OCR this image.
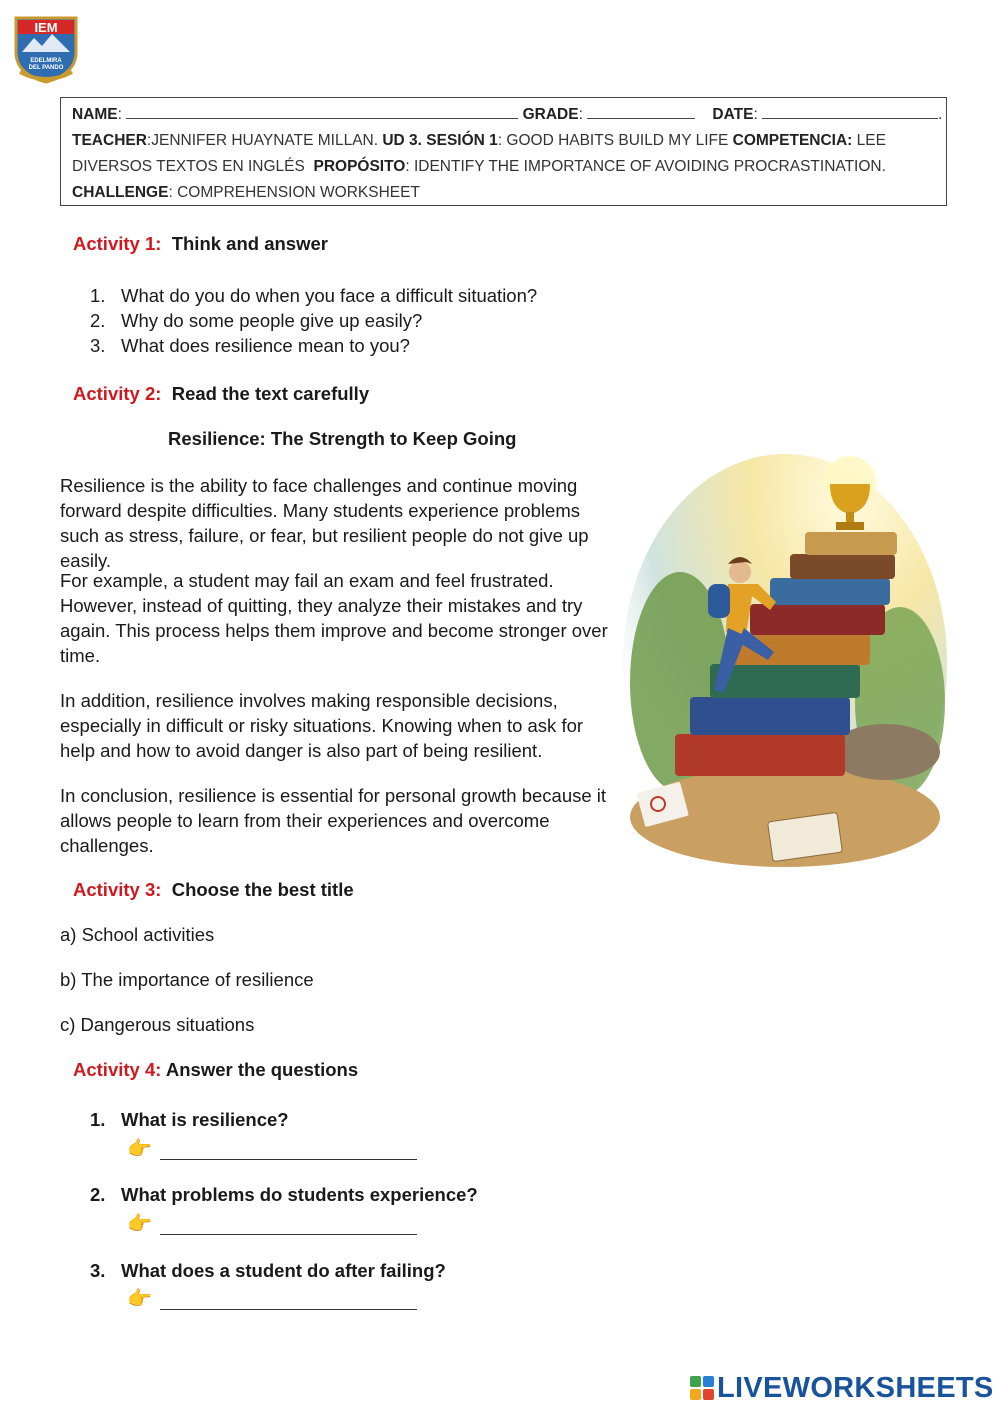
IEM
EDELMIRA
DEL PANDO
NAME:	GRADE:	DATE:	.
TEACHER:JENNIFER HUAYNATE MILLAN. UD 3. SESIÓN 1: GOOD HABITS BUILD MY LIFE COMPETENCIA: LEE
DIVERSOS TEXTOS EN INGLÉS PROPÓSITO: IDENTIFY THE IMPORTANCE OF AVOIDING PROCRASTINATION.
CHALLENGE: COMPREHENSION WORKSHEET
Activity 1: Think and answer
1. What do you do when you face a difficult situation?
2. Why do some people give up easily?
3. What does resilience mean to you?
Activity 2: Read the text carefully
Resilience: The Strength to Keep Going
Resilience is the ability to face challenges and continue moving forward despite difficulties. Many students experience problems such as stress, failure, or fear, but resilient people do not give up easily.
For example, a student may fail an exam and feel frustrated. However, instead of quitting, they analyze their mistakes and try again. This process helps them improve and become stronger over time.
In addition, resilience involves making responsible decisions, especially in difficult or risky situations. Knowing when to ask for help and how to avoid danger is also part of being resilient.
In conclusion, resilience is essential for personal growth because it allows people to learn from their experiences and overcome challenges.
Activity 3: Choose the best title
a) School activities
b) The importance of resilience
c) Dangerous situations
Activity 4: Answer the questions
1. What is resilience?
👉
2. What problems do students experience?
👉
3. What does a student do after failing?
👉
LIVEWORKSHEETS
